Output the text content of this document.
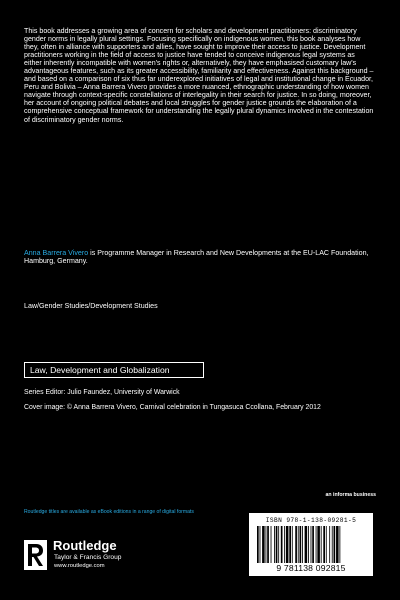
This book addresses a growing area of concern for scholars and development practitioners: discriminatory gender norms in legally plural settings. Focusing specifically on indigenous women, this book analyses how they, often in alliance with supporters and allies, have sought to improve their access to justice. Development practitioners working in the field of access to justice have tended to conceive indigenous legal systems as either inherently incompatible with women's rights or, alternatively, they have emphasised customary law's advantageous features, such as its greater accessibility, familiarity and effectiveness. Against this background – and based on a comparison of six thus far underexplored initiatives of legal and institutional change in Ecuador, Peru and Bolivia – Anna Barrera Vivero provides a more nuanced, ethnographic understanding of how women navigate through context-specific constellations of interlegality in their search for justice. In so doing, moreover, her account of ongoing political debates and local struggles for gender justice grounds the elaboration of a comprehensive conceptual framework for understanding the legally plural dynamics involved in the contestation of discriminatory gender norms.
Anna Barrera Vivero is Programme Manager in Research and New Developments at the EU-LAC Foundation, Hamburg, Germany.
Law/Gender Studies/Development Studies
Law, Development and Globalization
Series Editor: Julio Faundez, University of Warwick
Cover image: © Anna Barrera Vivero, Carnival celebration in Tungasuca Ccollana, February 2012
an informa business
Routledge titles are available as eBook editions in a range of digital formats
Routledge
Taylor & Francis Group
www.routledge.com
ISBN 978-1-138-09281-5
9 781138 092815
